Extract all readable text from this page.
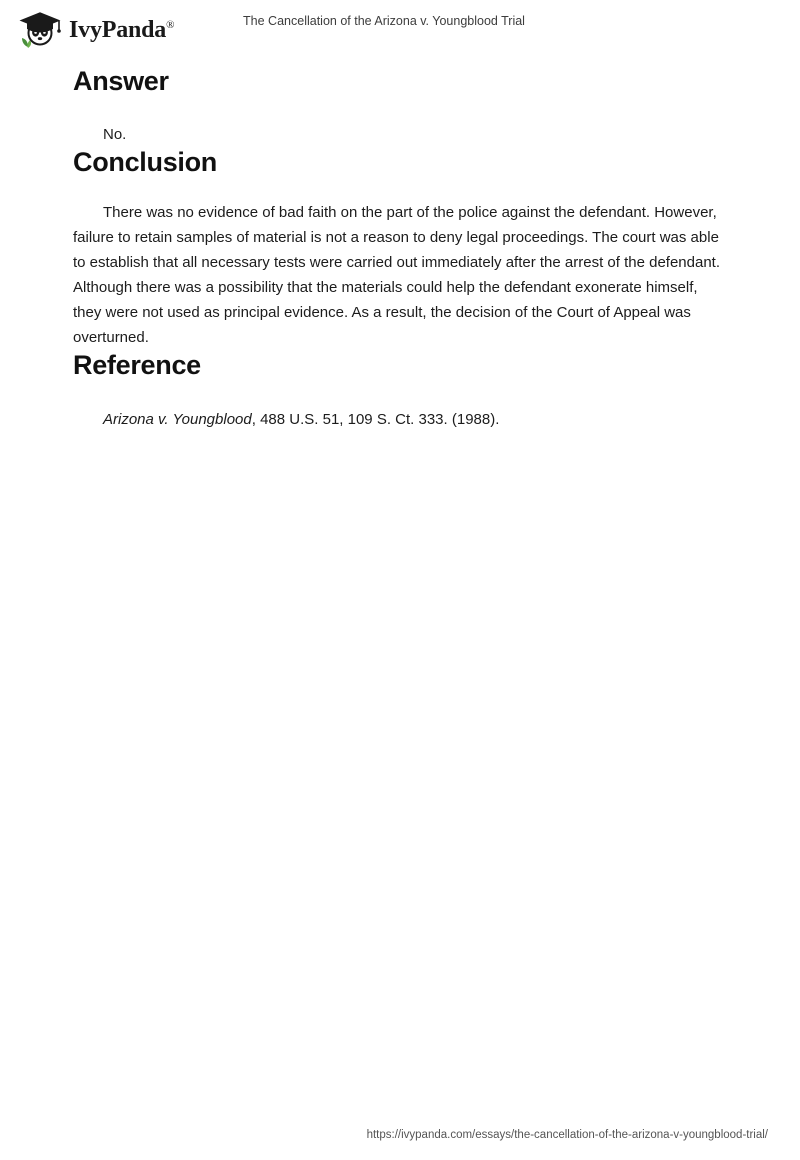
IvyPanda®	The Cancellation of the Arizona v. Youngblood Trial
Answer

No.

Conclusion

There was no evidence of bad faith on the part of the police against the defendant. However, failure to retain samples of material is not a reason to deny legal proceedings. The court was able to establish that all necessary tests were carried out immediately after the arrest of the defendant. Although there was a possibility that the materials could help the defendant exonerate himself, they were not used as principal evidence. As a result, the decision of the Court of Appeal was overturned.

Reference

Arizona v. Youngblood, 488 U.S. 51, 109 S. Ct. 333. (1988).

https://ivypanda.com/essays/the-cancellation-of-the-arizona-v-youngblood-trial/
